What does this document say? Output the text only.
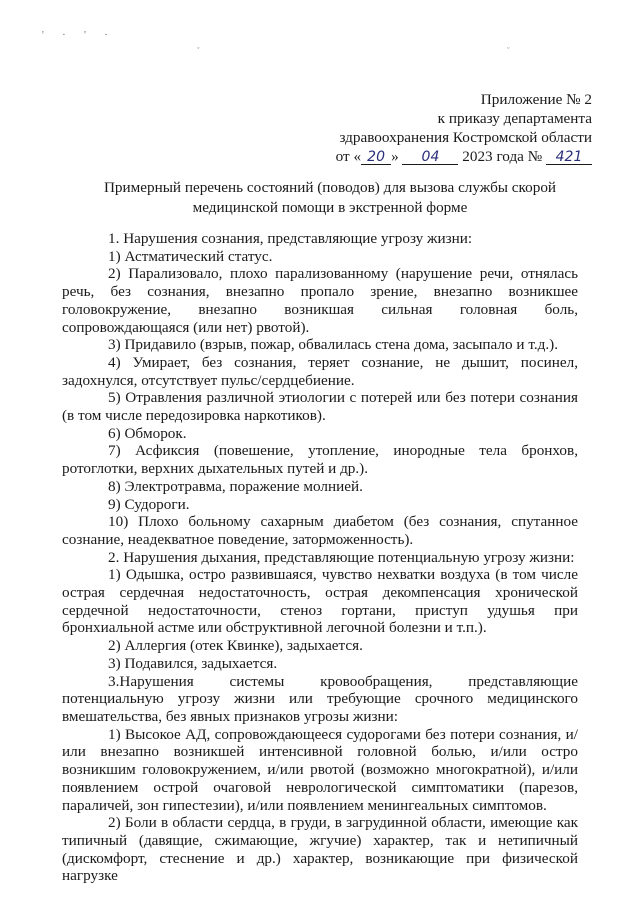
' · ' ·
ˇ	ˇ
Приложение № 2
к приказу департамента
здравоохранения Костромской области
от « 20 » 04 2023 года № 421
Примерный перечень состояний (поводов) для вызова службы скорой
медицинской помощи в экстренной форме

1. Нарушения сознания, представляющие угрозу жизни:

1) Астматический статус.

2) Парализовало, плохо парализованному (нарушение речи, отнялась речь, без сознания, внезапно пропало зрение, внезапно возникшее головокружение, внезапно возникшая сильная головная боль, сопровождающаяся (или нет) рвотой).

3) Придавило (взрыв, пожар, обвалилась стена дома, засыпало и т.д.).

4) Умирает, без сознания, теряет сознание, не дышит, посинел, задохнулся, отсутствует пульс/сердцебиение.

5) Отравления различной этиологии с потерей или без потери сознания (в том числе передозировка наркотиков).

6) Обморок.

7) Асфиксия (повешение, утопление, инородные тела бронхов, ротоглотки, верхних дыхательных путей и др.).

8) Электротравма, поражение молнией.

9) Судороги.

10) Плохо больному сахарным диабетом (без сознания, спутанное сознание, неадекватное поведение, заторможенность).

2. Нарушения дыхания, представляющие потенциальную угрозу жизни:

1) Одышка, остро развившаяся, чувство нехватки воздуха (в том числе острая сердечная недостаточность, острая декомпенсация хронической сердечной недостаточности, стеноз гортани, приступ удушья при бронхиальной астме или обструктивной легочной болезни и т.п.).

2) Аллергия (отек Квинке), задыхается.

3) Подавился, задыхается.

3.Нарушения системы кровообращения, представляющие потенциальную угрозу жизни или требующие срочного медицинского вмешательства, без явных признаков угрозы жизни:

1) Высокое АД, сопровождающееся судорогами без потери сознания, и/или внезапно возникшей интенсивной головной болью, и/или остро возникшим головокружением, и/или рвотой (возможно многократной), и/или появлением острой очаговой неврологической симптоматики (парезов, параличей, зон гипестезии), и/или появлением менингеальных симптомов.

2) Боли в области сердца, в груди, в загрудинной области, имеющие как типичный (давящие, сжимающие, жгучие) характер, так и нетипичный (дискомфорт, стеснение и др.) характер, возникающие при физической нагрузке
